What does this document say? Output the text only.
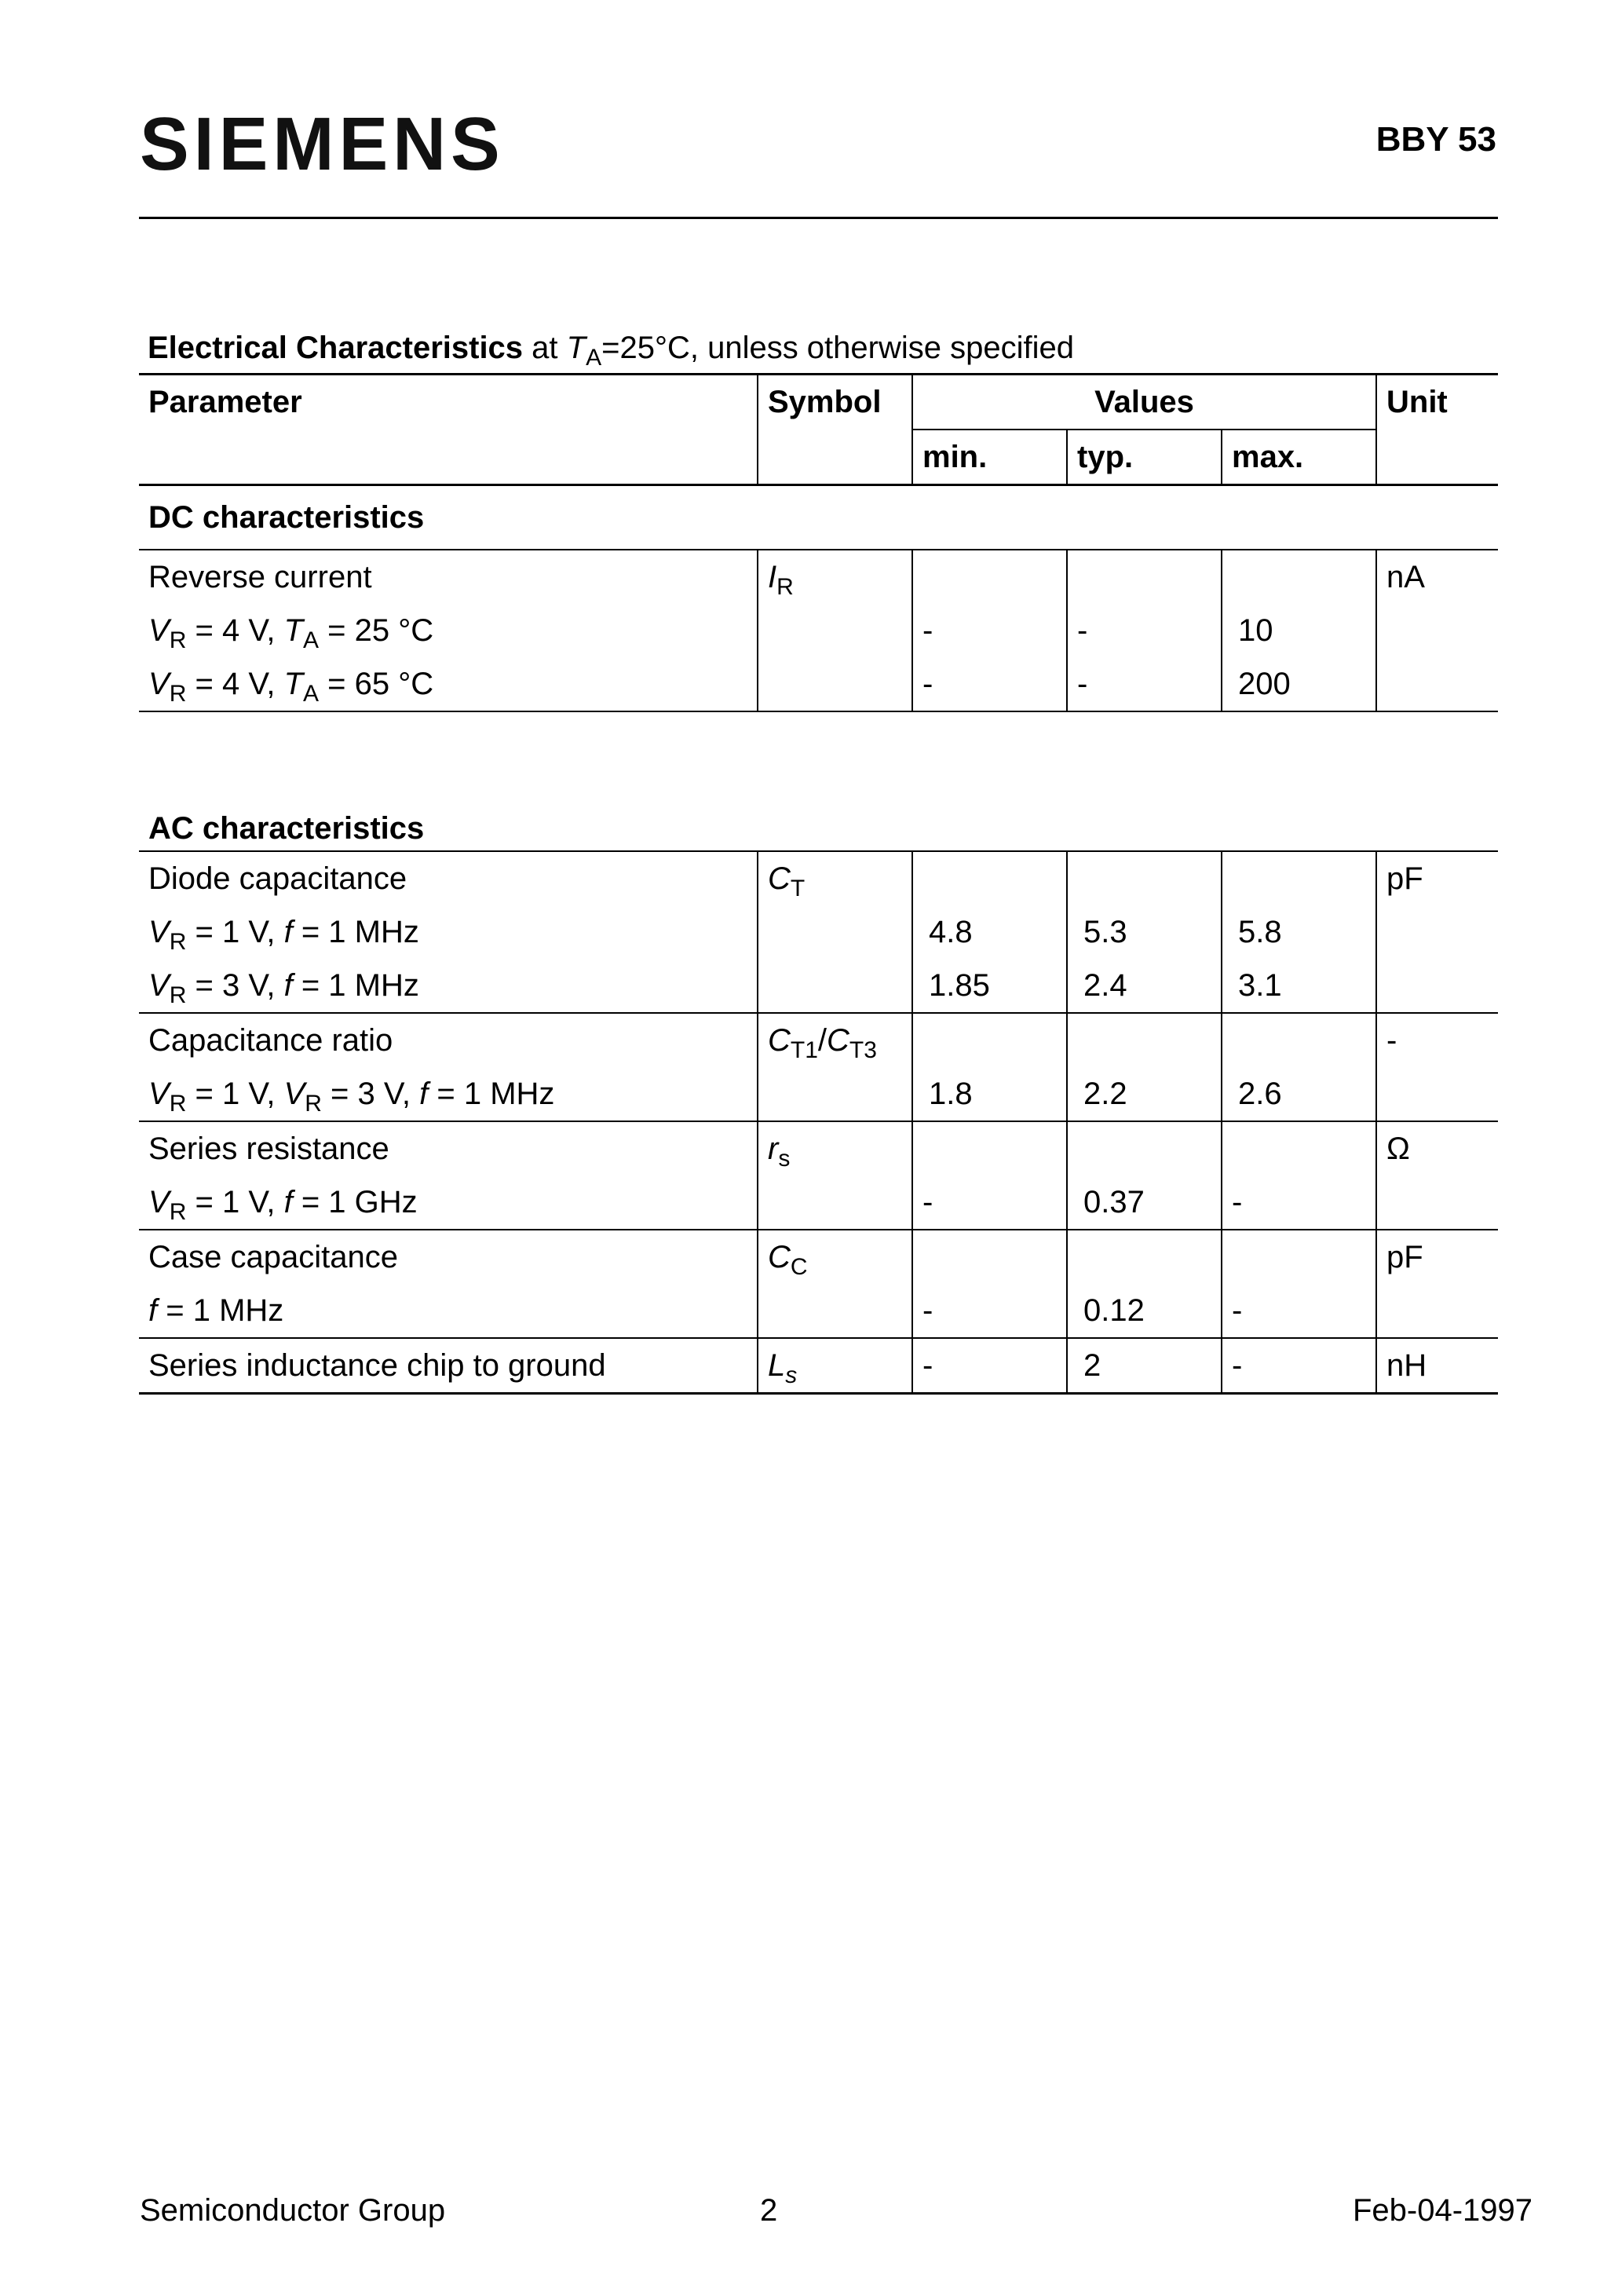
SIEMENS	BBY 53
Electrical Characteristics at $T_A=25^\circ C$, unless otherwise specified
Parameter	Symbol	Values			Unit
		min.	typ.	max.	
DC characteristics					
Reverse current	$I_R$				nA
$V_R = 4$ V, $T_A = 25$ °C		-	-	10	
$V_R = 4$ V, $T_A = 65$ °C		-	-	200	

AC characteristics					
Diode capacitance	$C_T$				pF
$V_R = 1$ V, f = 1 MHz		4.8	5.3	5.8	
$V_R = 3$ V, f = 1 MHz		1.85	2.4	3.1	
Capacitance ratio	$C_{T1}/C_{T3}$				-
$V_R = 1$ V, $V_R = 3$ V, f = 1 MHz		1.8	2.2	2.6	
Series resistance	$r_s$				Ω
$V_R = 1$ V, f = 1 GHz		-	0.37	-	
Case capacitance	$C_C$				pF
f = 1 MHz		-	0.12	-	
Series inductance chip to ground	$L_s$	-	2	-	nH
Semiconductor Group	2	Feb-04-1997
